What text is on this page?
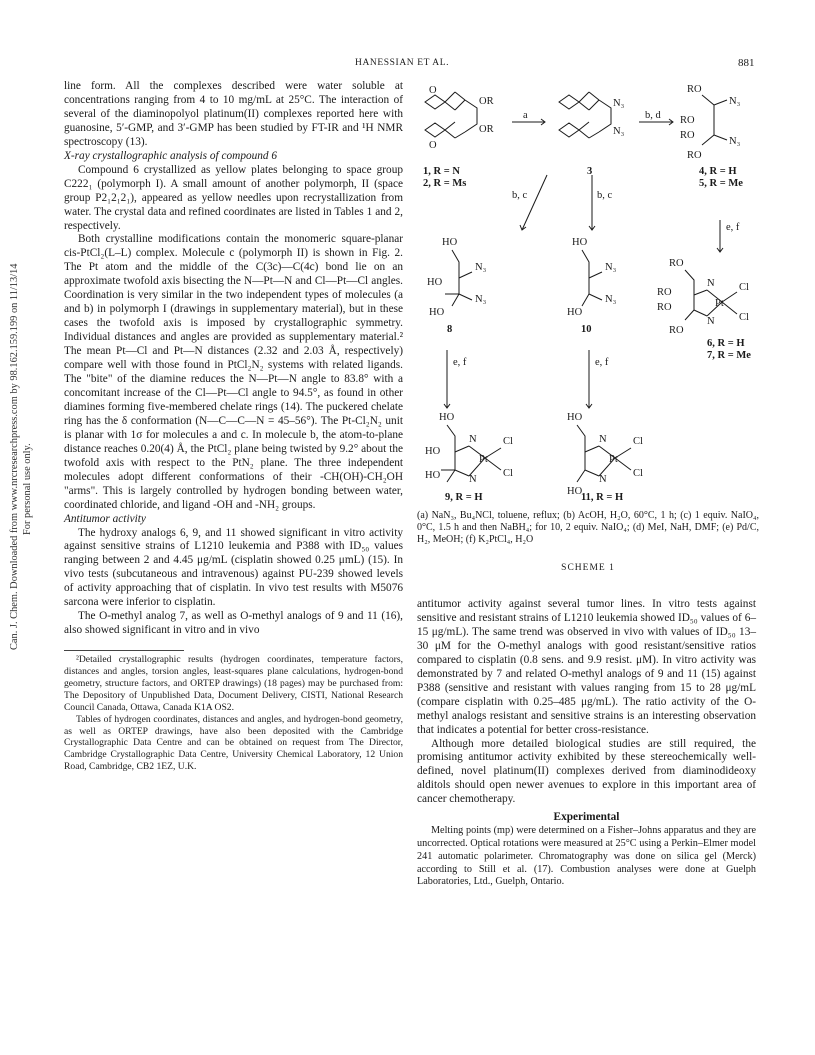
HANESSIAN ET AL.	881
Can. J. Chem. Downloaded from www.nrcresearchpress.com by 98.162.159.199 on 11/13/14 For personal use only.

line form. All the complexes described were water soluble at concentrations ranging from 4 to 10 mg/mL at 25°C. The interaction of several of the diaminopolyol platinum(II) complexes reported here with guanosine, 5′-GMP, and 3′-GMP has been studied by FT-IR and ¹H NMR spectroscopy (13).

X-ray crystallographic analysis of compound 6

Compound 6 crystallized as yellow plates belonging to space group C222₁ (polymorph I). A small amount of another polymorph, II (space group P2₁2₁2₁), appeared as yellow needles upon recrystallization from water. The crystal data and refined coordinates are listed in Tables 1 and 2, respectively.

Both crystalline modifications contain the monomeric square-planar cis-PtCl₂(L–L) complex. Molecule c (polymorph II) is shown in Fig. 2. The Pt atom and the middle of the C(3c)—C(4c) bond lie on an approximate twofold axis bisecting the N—Pt—N and Cl—Pt—Cl angles. Coordination is very similar in the two independent types of molecules (a and b) in polymorph I (drawings in supplementary material), but in these cases the twofold axis is imposed by crystallographic symmetry. Individual distances and angles are provided as supplementary material.² The mean Pt—Cl and Pt—N distances (2.32 and 2.03 Å, respectively) compare well with those found in PtCl₂N₂ systems with related ligands. The "bite" of the diamine reduces the N—Pt—N angle to 83.8° with a concomitant increase of the Cl—Pt—Cl angle to 94.5°, as found in other diamines forming five-membered chelate rings (14). The puckered chelate ring has the δ conformation (N—C—C—N = 45–56°). The Pt-Cl₂N₂ unit is planar with 1σ for molecules a and c. In molecule b, the atom-to-plane distance reaches 0.20(4) Å, the PtCl₂ plane being twisted by 9.2° about the twofold axis with respect to the PtN₂ plane. The three independent molecules adopt different conformations of their -CH(OH)-CH₂OH "arms". This is largely controlled by hydrogen bonding between water, coordinated chloride, and ligand -OH and -NH₂ groups.

Antitumor activity

The hydroxy analogs 6, 9, and 11 showed significant in vitro activity against sensitive strains of L1210 leukemia and P388 with ID₅₀ values ranging between 2 and 4.45 μg/mL (cisplatin showed 0.25 μmL) (15). In vivo tests (subcutaneous and intravenous) against PU-239 showed levels of activity approaching that of cisplatin. In vivo test results with M5076 sarcona were inferior to cisplatin.

The O-methyl analog 7, as well as O-methyl analogs of 9 and 11 (16), also showed significant in vitro and in vivo

²Detailed crystallographic results (hydrogen coordinates, temperature factors, distances and angles, torsion angles, least-squares plane calculations, hydrogen-bond geometry, structure factors, and ORTEP drawings) (18 pages) may be purchased from: The Depository of Unpublished Data, Document Delivery, CISTI, National Research Council Canada, Ottawa, Canada K1A OS2.

Tables of hydrogen coordinates, distances and angles, and hydrogen-bond geometry, as well as ORTEP drawings, have also been deposited with the Cambridge Crystallographic Data Centre and can be obtained on request from The Director, Cambridge Crystallographic Data Centre, University Chemical Laboratory, 12 Union Road, Cambridge, CB2 1EZ, U.K.

O
OR
OR
O
N₃
N₃
RO
RO
RO
RO
N₃
N₃
HO
N₃
HO
N₃
HO
HO
N₃
N₃
HO
RO
RO
RO
RO
N
Pt
N
Cl
Cl
HO
HO
HO
N
Pt
N
Cl
Cl
HO
HO
N
Pt
N
Cl
Cl
a	b, d
b, c	b, c
e, f
e, f	e, f
1, R = N
2, R = Ms
3	4, R = H
5, R = Me
8	10
6, R = H
7, R = Me
9, R = H	11, R = H
(a) NaN₃, Bu₄NCl, toluene, reflux; (b) AcOH, H₂O, 60°C, 1 h; (c) 1 equiv. NaIO₄, 0°C, 1.5 h and then NaBH₄; for 10, 2 equiv. NaIO₄; (d) MeI, NaH, DMF; (e) Pd/C, H₂, MeOH; (f) K₂PtCl₄, H₂O
SCHEME 1

antitumor activity against several tumor lines. In vitro tests against sensitive and resistant strains of L1210 leukemia showed ID₅₀ values of 6–15 μg/mL). The same trend was observed in vivo with values of ID₅₀ 13–30 μM for the O-methyl analogs with good resistant/sensitive ratios compared to cisplatin (0.8 sens. and 9.9 resist. μM). In vitro activity was demonstrated by 7 and related O-methyl analogs of 9 and 11 (15) against P388 (sensitive and resistant with values ranging from 15 to 28 μg/mL (compare cisplatin with 0.25–485 μg/mL). The ratio activity of the O-methyl analogs resistant and sensitive strains is an interesting observation that indicates a potential for better cross-resistance.

Although more detailed biological studies are still required, the promising antitumor activity exhibited by these stereochemically well-defined, novel platinum(II) complexes derived from diaminodideoxy alditols should open newer avenues to explore in this important area of cancer chemotherapy.

Experimental

Melting points (mp) were determined on a Fisher–Johns apparatus and they are uncorrected. Optical rotations were measured at 25°C using a Perkin–Elmer model 241 automatic polarimeter. Chromatography was done on silica gel (Merck) according to Still et al. (17). Combustion analyses were done at Guelph Laboratories, Ltd., Guelph, Ontario.
